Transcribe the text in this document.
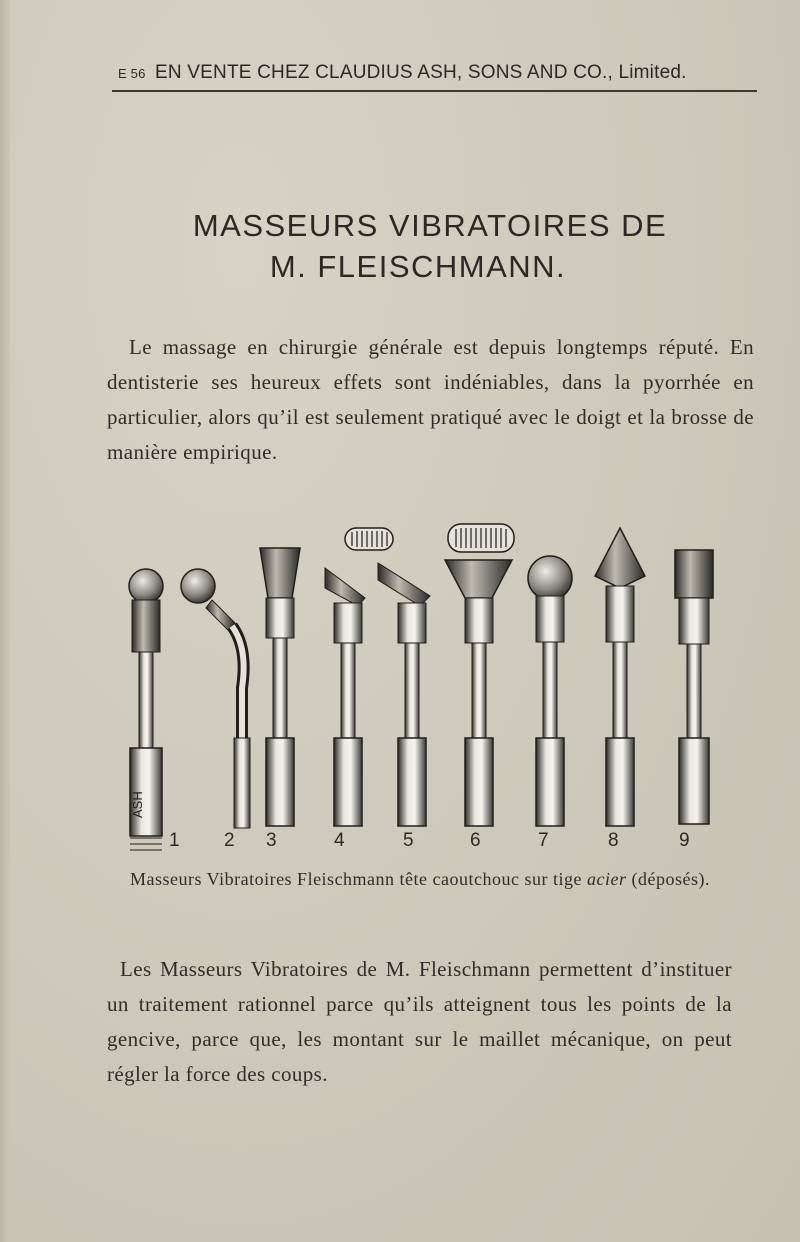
E 56 EN VENTE CHEZ CLAUDIUS ASH, SONS AND CO., Limited.
MASSEURS VIBRATOIRES DE
M. FLEISCHMANN.
Le massage en chirurgie générale est depuis longtemps réputé. En dentisterie ses heureux effets sont indéniables, dans la pyorrhée en particulier, alors qu’il est seulement pratiqué avec le doigt et la brosse de manière empirique.
ASH
1 2 3	4	5	6	7	8	9
Masseurs Vibratoires Fleischmann tête caoutchouc sur tige acier (déposés).
Les Masseurs Vibratoires de M. Fleischmann permettent d’instituer un traitement rationnel parce qu’ils atteignent tous les points de la gencive, parce que, les montant sur le maillet mécanique, on peut régler la force des coups.
